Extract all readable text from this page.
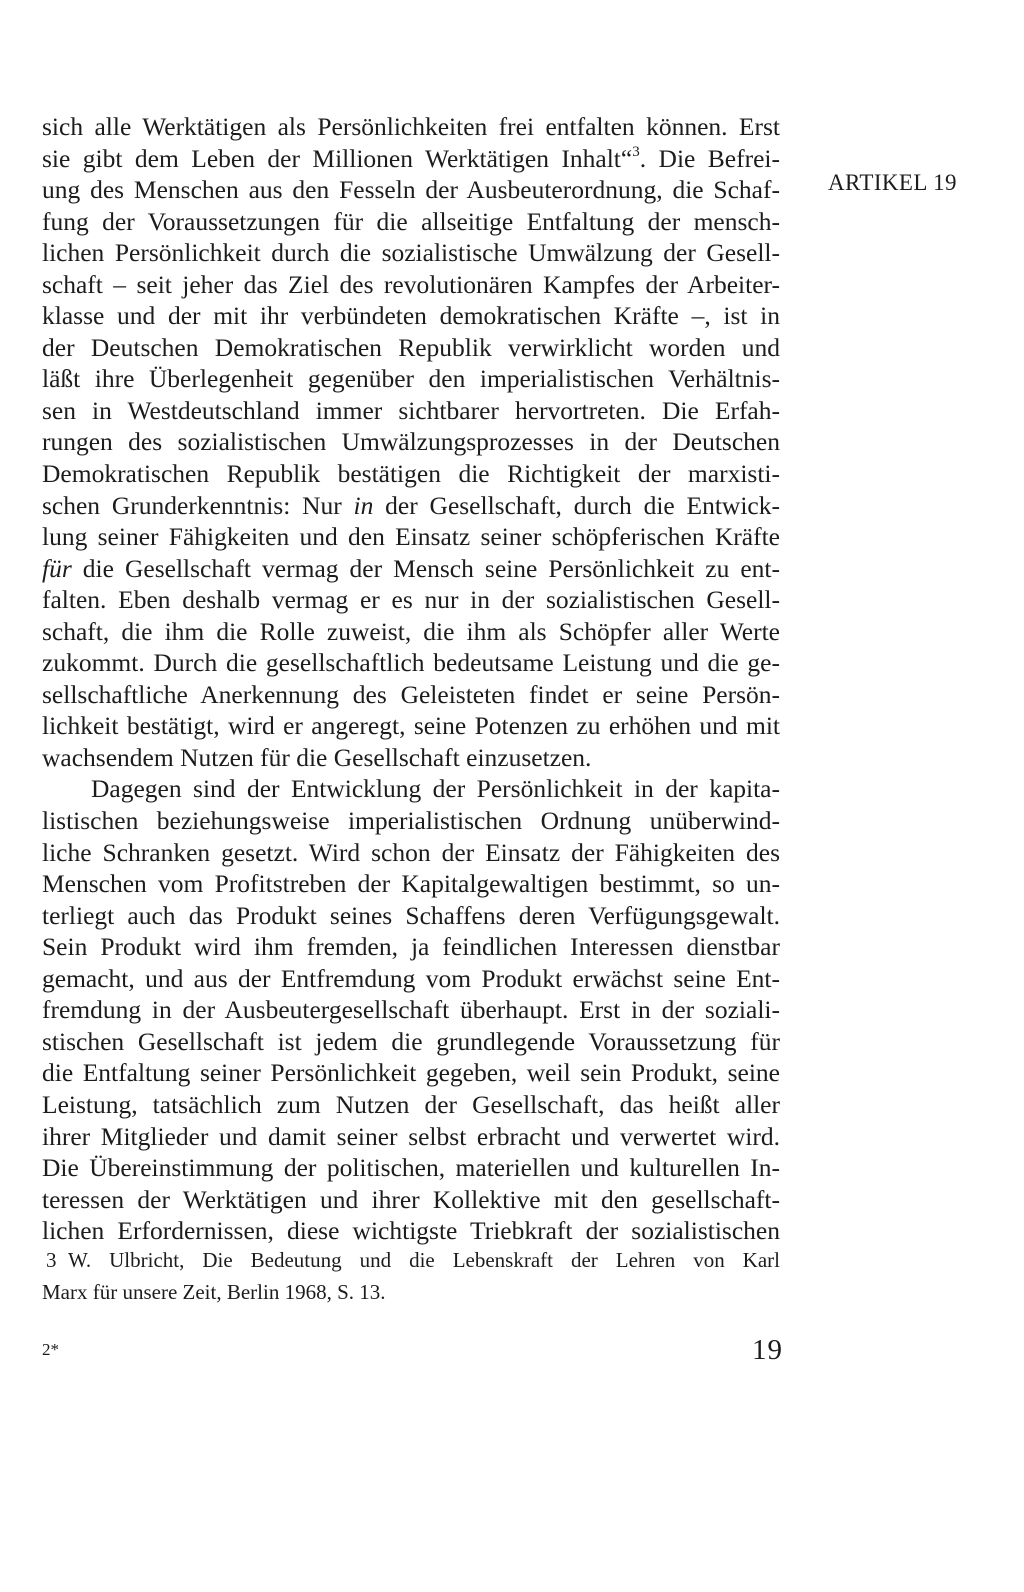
ARTIKEL 19
sich alle Werktätigen als Persönlichkeiten frei entfalten können. Erst
sie gibt dem Leben der Millionen Werktätigen Inhalt“$^3$. Die Befrei-
ung des Menschen aus den Fesseln der Ausbeuterordnung, die Schaf-
fung der Voraussetzungen für die allseitige Entfaltung der mensch-
lichen Persönlichkeit durch die sozialistische Umwälzung der Gesell-
schaft – seit jeher das Ziel des revolutionären Kampfes der Arbeiter-
klasse und der mit ihr verbündeten demokratischen Kräfte –, ist in
der Deutschen Demokratischen Republik verwirklicht worden und
läßt ihre Überlegenheit gegenüber den imperialistischen Verhältnis-
sen in Westdeutschland immer sichtbarer hervortreten. Die Erfah-
rungen des sozialistischen Umwälzungsprozesses in der Deutschen
Demokratischen Republik bestätigen die Richtigkeit der marxisti-
schen Grunderkenntnis: Nur in der Gesellschaft, durch die Entwick-
lung seiner Fähigkeiten und den Einsatz seiner schöpferischen Kräfte
für die Gesellschaft vermag der Mensch seine Persönlichkeit zu ent-
falten. Eben deshalb vermag er es nur in der sozialistischen Gesell-
schaft, die ihm die Rolle zuweist, die ihm als Schöpfer aller Werte
zukommt. Durch die gesellschaftlich bedeutsame Leistung und die ge-
sellschaftliche Anerkennung des Geleisteten findet er seine Persön-
lichkeit bestätigt, wird er angeregt, seine Potenzen zu erhöhen und mit
wachsendem Nutzen für die Gesellschaft einzusetzen.
Dagegen sind der Entwicklung der Persönlichkeit in der kapita-
listischen beziehungsweise imperialistischen Ordnung unüberwind-
liche Schranken gesetzt. Wird schon der Einsatz der Fähigkeiten des
Menschen vom Profitstreben der Kapitalgewaltigen bestimmt, so un-
terliegt auch das Produkt seines Schaffens deren Verfügungsgewalt.
Sein Produkt wird ihm fremden, ja feindlichen Interessen dienstbar
gemacht, und aus der Entfremdung vom Produkt erwächst seine Ent-
fremdung in der Ausbeutergesellschaft überhaupt. Erst in der soziali-
stischen Gesellschaft ist jedem die grundlegende Voraussetzung für
die Entfaltung seiner Persönlichkeit gegeben, weil sein Produkt, seine
Leistung, tatsächlich zum Nutzen der Gesellschaft, das heißt aller
ihrer Mitglieder und damit seiner selbst erbracht und verwertet wird.
Die Übereinstimmung der politischen, materiellen und kulturellen In-
teressen der Werktätigen und ihrer Kollektive mit den gesellschaft-
lichen Erfordernissen, diese wichtigste Triebkraft der sozialistischen
3 W. Ulbricht, Die Bedeutung und die Lebenskraft der Lehren von Karl
Marx für unsere Zeit, Berlin 1968, S. 13.
2*	19
